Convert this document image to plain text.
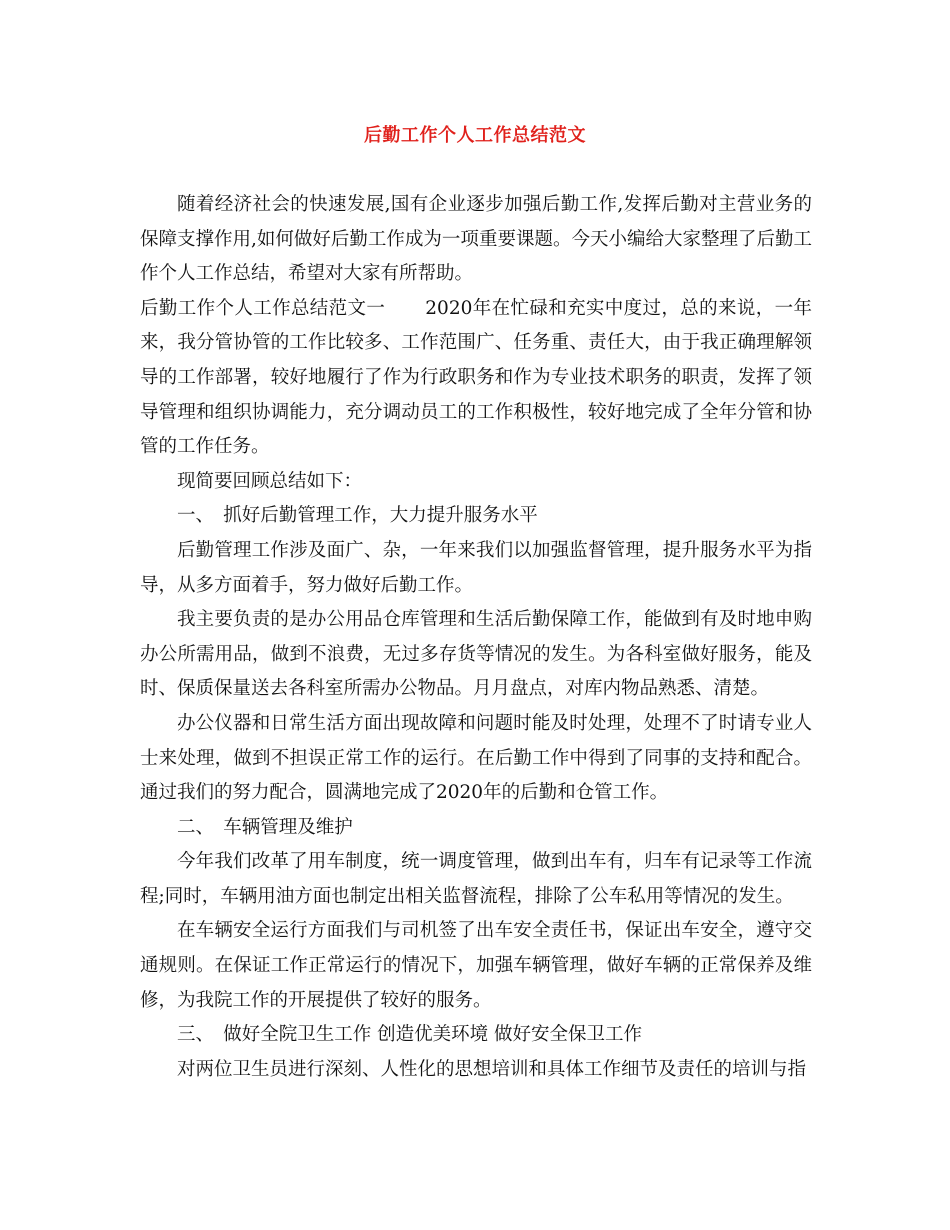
后勤工作个人工作总结范文

随着经济社会的快速发展,国有企业逐步加强后勤工作,发挥后勤对主营业务的保障支撑作用,如何做好后勤工作成为一项重要课题。今天小编给大家整理了后勤工作个人工作总结，希望对大家有所帮助。

后勤工作个人工作总结范文一 2020年在忙碌和充实中度过，总的来说，一年来，我分管协管的工作比较多、工作范围广、任务重、责任大，由于我正确理解领导的工作部署，较好地履行了作为行政职务和作为专业技术职务的职责，发挥了领导管理和组织协调能力，充分调动员工的工作积极性，较好地完成了全年分管和协管的工作任务。

现简要回顾总结如下：

一、　抓好后勤管理工作，大力提升服务水平

后勤管理工作涉及面广、杂，一年来我们以加强监督管理，提升服务水平为指导，从多方面着手，努力做好后勤工作。

我主要负责的是办公用品仓库管理和生活后勤保障工作，能做到有及时地申购办公所需用品，做到不浪费，无过多存货等情况的发生。为各科室做好服务，能及时、保质保量送去各科室所需办公物品。月月盘点，对库内物品熟悉、清楚。

办公仪器和日常生活方面出现故障和问题时能及时处理，处理不了时请专业人士来处理，做到不担误正常工作的运行。在后勤工作中得到了同事的支持和配合。通过我们的努力配合，圆满地完成了2020年的后勤和仓管工作。

二、　车辆管理及维护

今年我们改革了用车制度，统一调度管理，做到出车有，归车有记录等工作流程;同时，车辆用油方面也制定出相关监督流程，排除了公车私用等情况的发生。

在车辆安全运行方面我们与司机签了出车安全责任书，保证出车安全，遵守交通规则。在保证工作正常运行的情况下，加强车辆管理，做好车辆的正常保养及维修，为我院工作的开展提供了较好的服务。

三、　做好全院卫生工作 创造优美环境 做好安全保卫工作

对两位卫生员进行深刻、人性化的思想培训和具体工作细节及责任的培训与指
